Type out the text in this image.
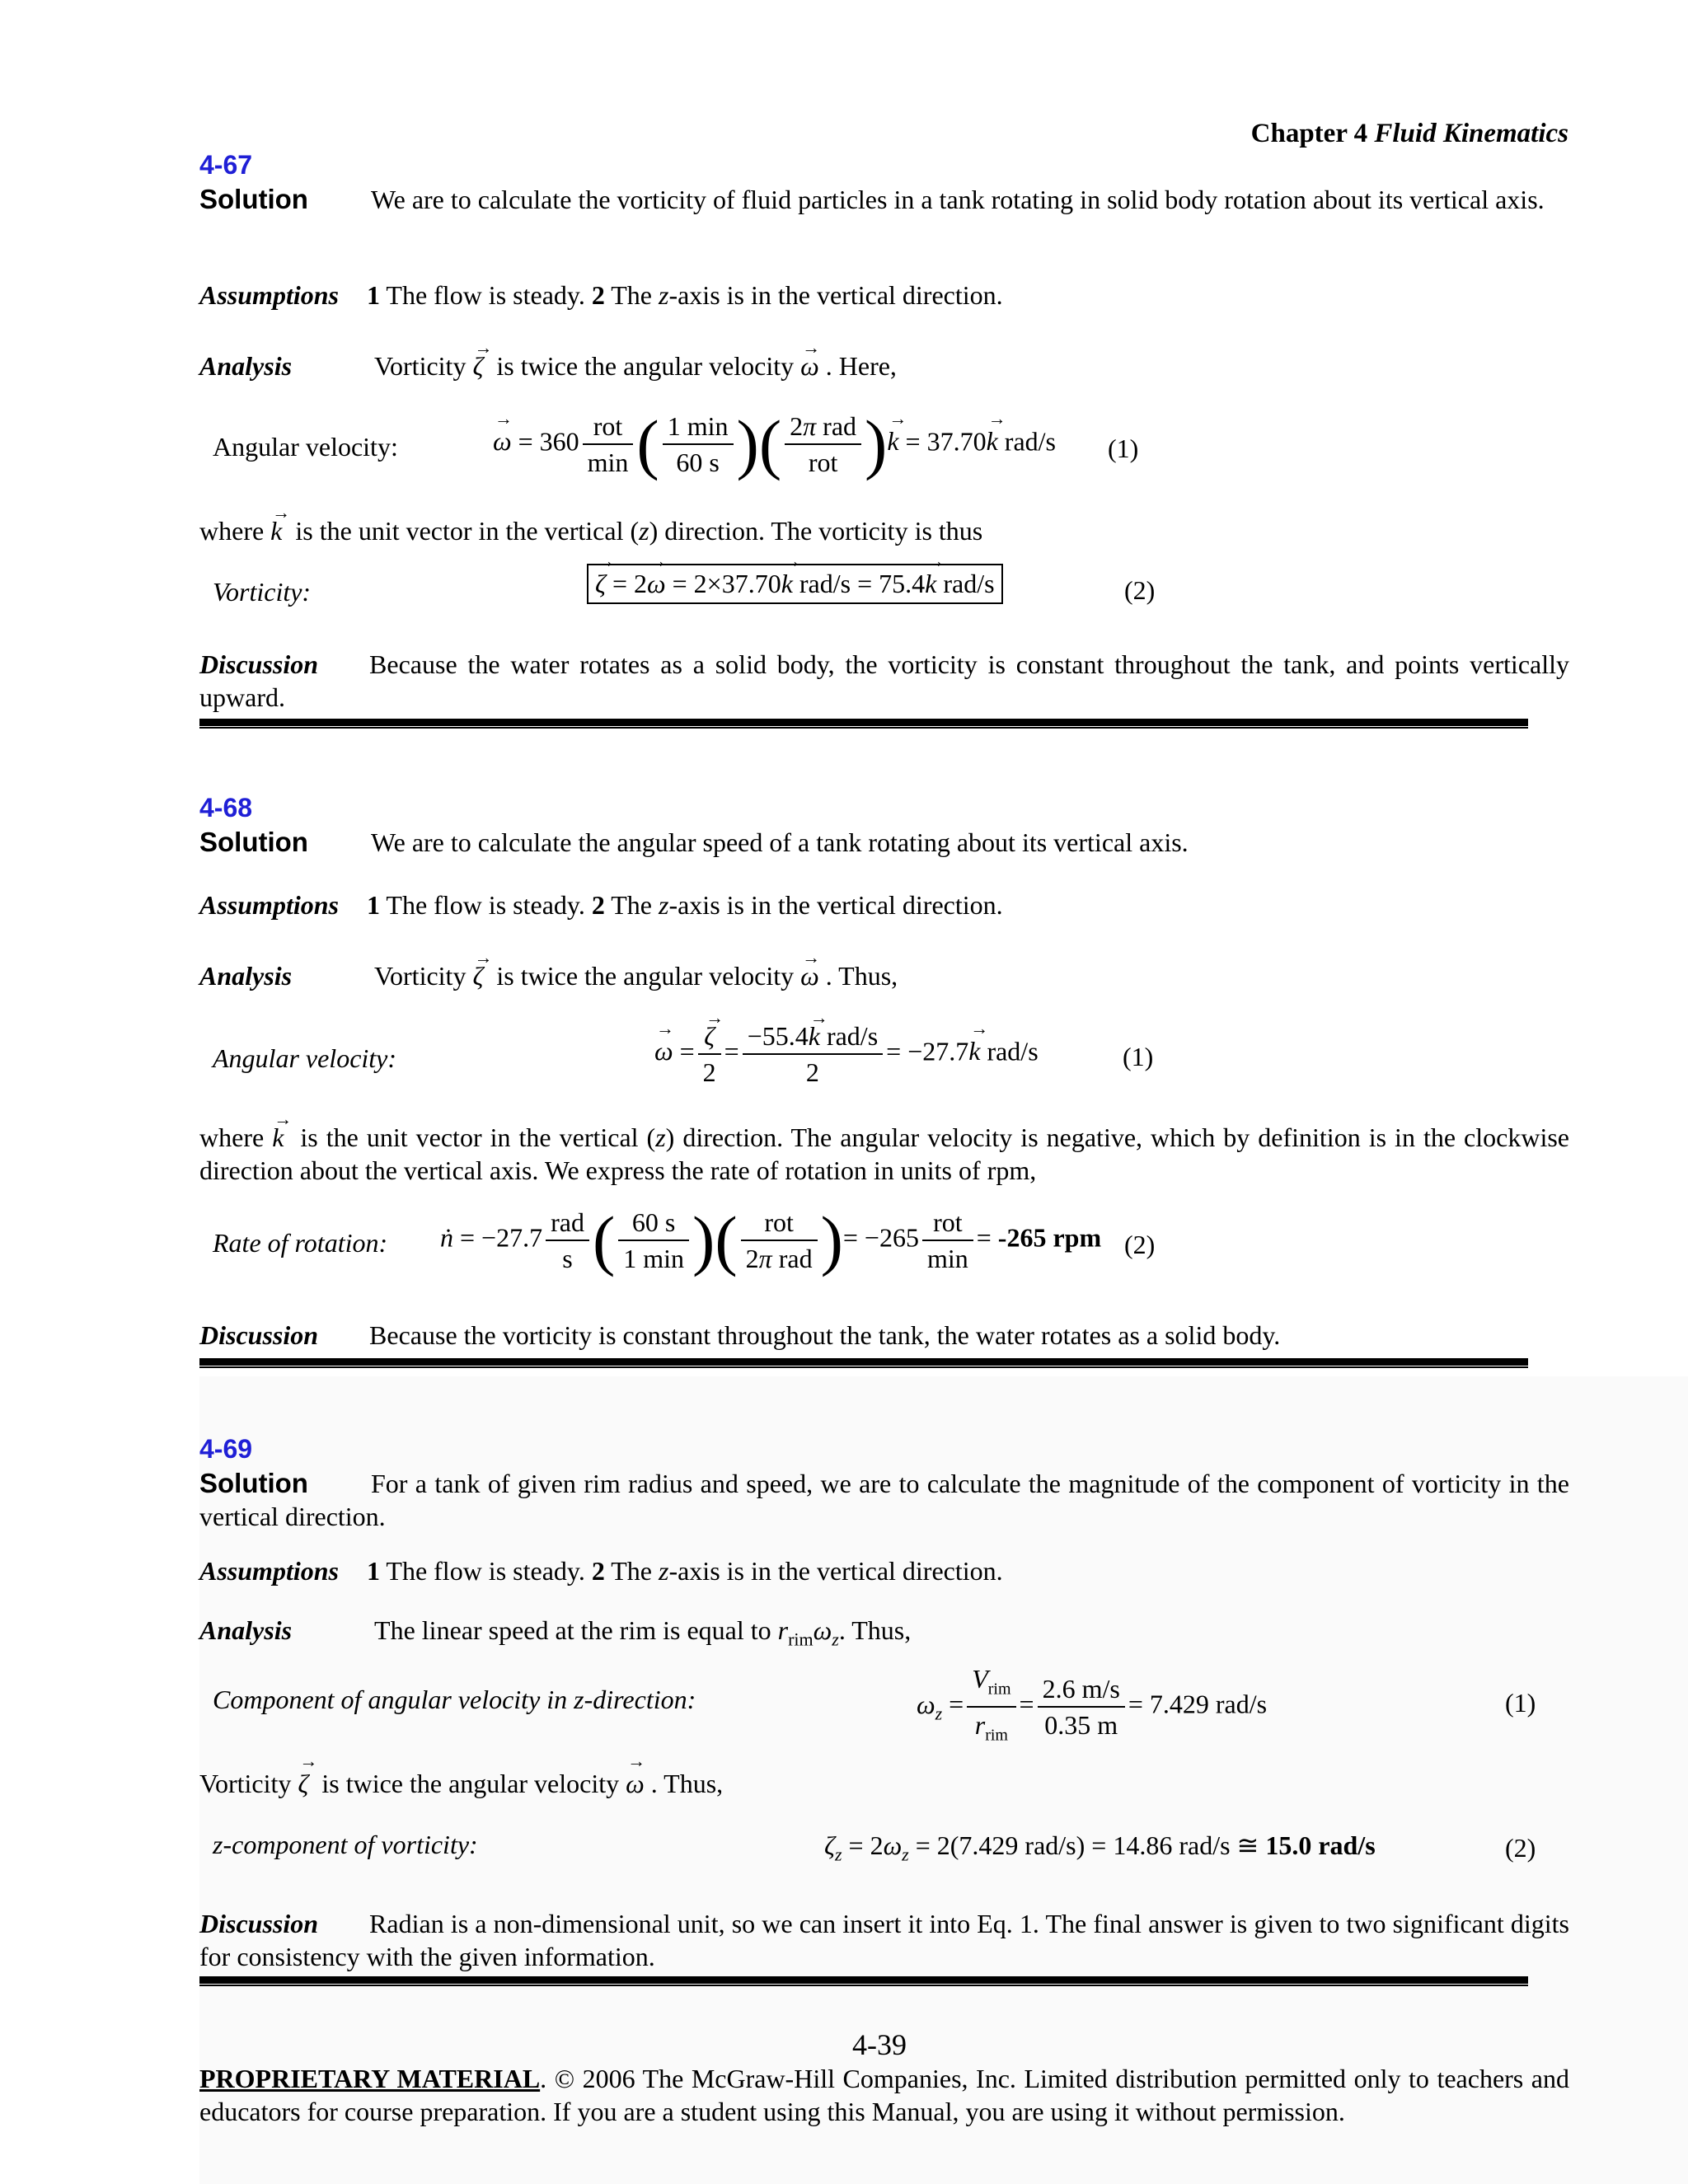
Chapter 4 Fluid Kinematics
4-67
Solution We are to calculate the vorticity of fluid particles in a tank rotating in solid body rotation about its vertical axis.
Assumptions 1 The flow is steady. 2 The z-axis is in the vertical direction.
Analysis	Vorticity → ζ  is twice the angular velocity → ω . Here,
Angular velocity:	→ $\omega = 360 \frac{\text{rot}}{\min}$ ( $\frac{1 \min}{60 s}$ )( $\frac{\text{2π rad}}{\text{rot}}$ )→ k = 37.70→ k rad/s (1)
where → k  is the unit vector in the vertical (z) direction. The vorticity is thus
Vorticity:	→ ζ = 2→ ω = 2×37.70→ k rad/s = 75.4→ k rad/s	(2)
Discussion Because the water rotates as a solid body, the vorticity is constant throughout the tank, and points vertically upward.
4-68
Solution We are to calculate the angular speed of a tank rotating about its vertical axis.
Assumptions 1 The flow is steady. 2 The z-axis is in the vertical direction.
Analysis	Vorticity → ζ  is twice the angular velocity → ω . Thus,
Angular velocity:	→ ω = → $\frac{\zeta}{2} = \frac{\text{−55.4→ k rad/s}}{2} = -27.7\to k$ rad/s	(1)
where → k  is the unit vector in the vertical (z) direction. The angular velocity is negative, which by definition is in the clockwise direction about the vertical axis. We express the rate of rotation in units of rpm,
Rate of rotation: ṅ = $-27.7 \frac{\text{rad}}{s}$ ( $\frac{60 s}{1 \min}$ )( $\frac{\text{rot}}{\text{2π rad}}$ )= $-265 \frac{\text{rot}}{\min} = -265$ rpm (2)
Discussion Because the vorticity is constant throughout the tank, the water rotates as a solid body.
4-69
Solution For a tank of given rim radius and speed, we are to calculate the magnitude of the component of vorticity in the vertical direction.
Assumptions 1 The flow is steady. 2 The z-axis is in the vertical direction.
Analysis	The linear speed at the rim is equal to $r_{rim}\omega_z$. Thus,
Component of angular velocity in z-direction:	$\omega_z = \frac{V_{rim}}{r_{rim}} = \frac{2.6 m/s}{0.35 m} = 7.429$ rad/s	(1)
Vorticity → ζ  is twice the angular velocity → ω . Thus,
z-component of vorticity:	$\zeta_z = 2\omega_z = 2(7.429$ rad/s) = 14.86 rad/s ≅ 15.0 rad/s	(2)
Discussion Radian is a non-dimensional unit, so we can insert it into Eq. 1. The final answer is given to two significant digits for consistency with the given information.
4-39
PROPRIETARY MATERIAL. © 2006 The McGraw-Hill Companies, Inc. Limited distribution permitted only to teachers and educators for course preparation. If you are a student using this Manual, you are using it without permission.
